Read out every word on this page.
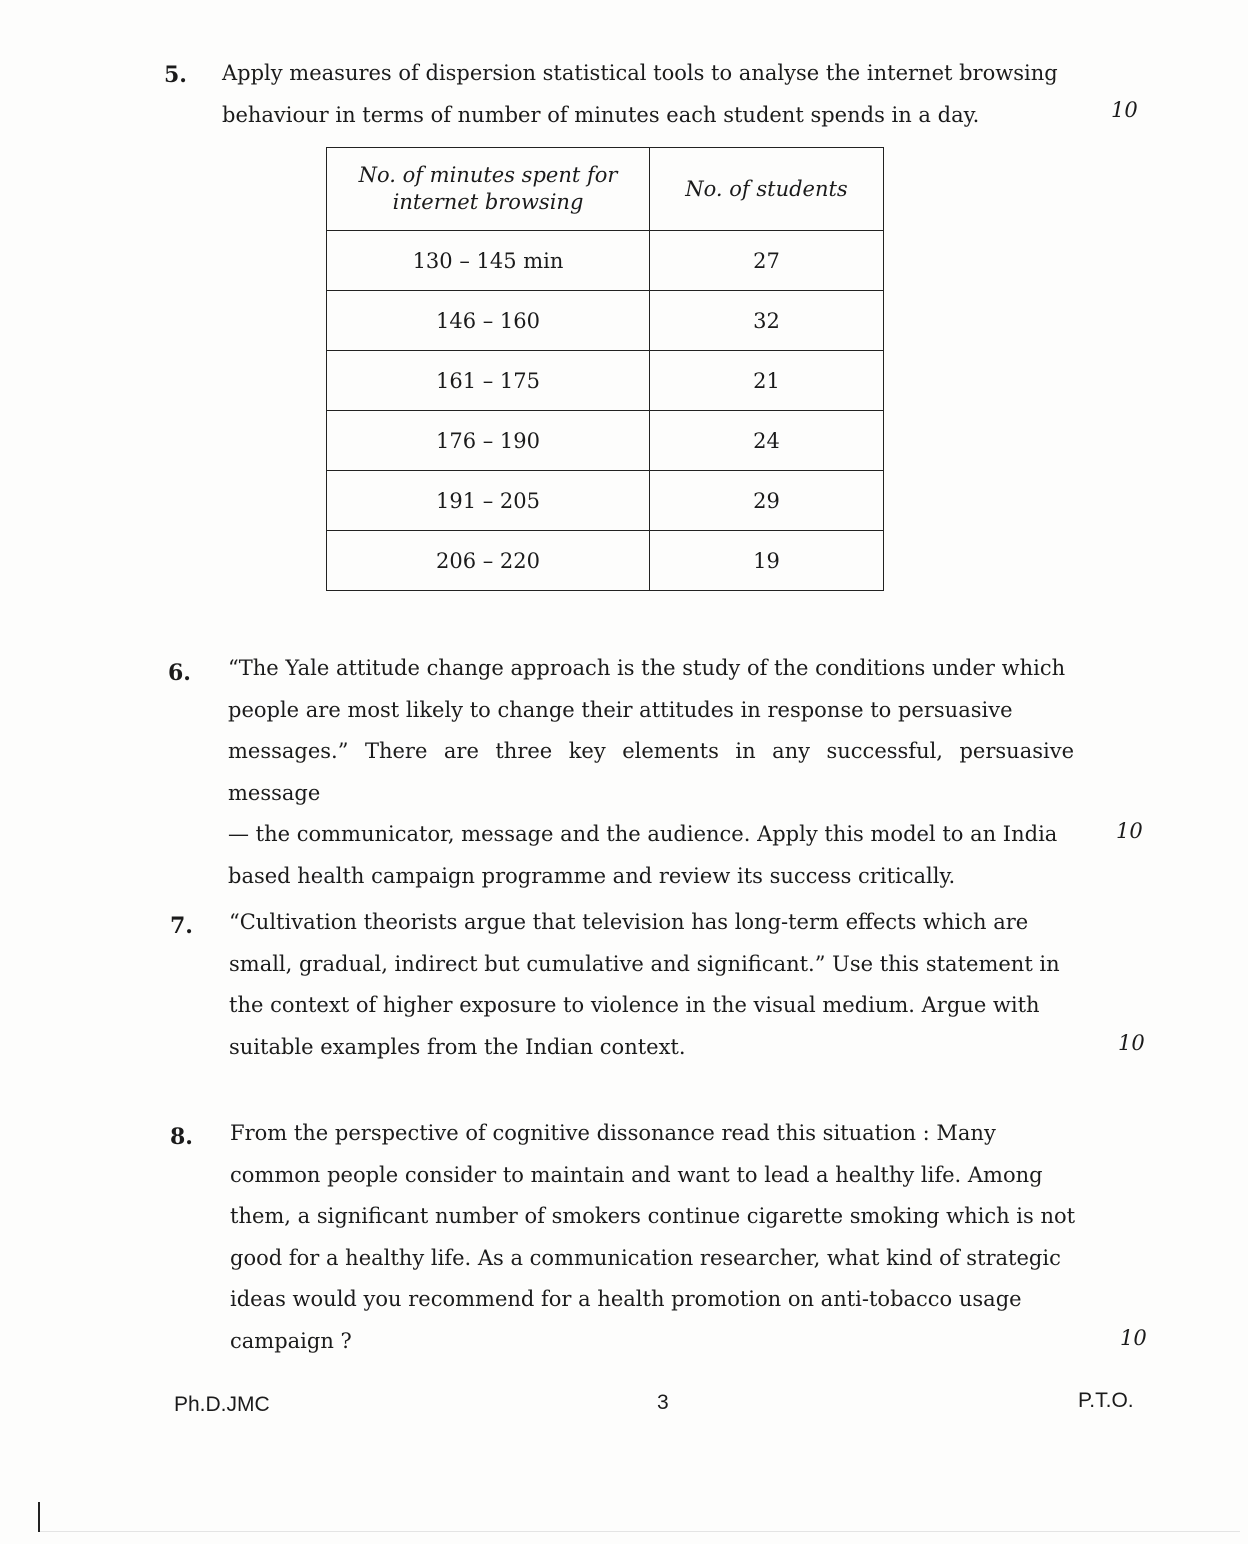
5. Apply measures of dispersion statistical tools to analyse the internet browsing

behaviour in terms of number of minutes each student spends in a day.	10
No. of minutes spent for
internet browsing	No. of students
130 – 145 min	27
146 – 160	32
161 – 175	21
176 – 190	24
191 – 205	29
206 – 220	19
6. “The Yale attitude change approach is the study of the conditions under which

people are most likely to change their attitudes in response to persuasive

messages.” There are three key elements in any successful, persuasive message

— the communicator, message and the audience. Apply this model to an India

based health campaign programme and review its success critically.

10
7. “Cultivation theorists argue that television has long-term effects which are

small, gradual, indirect but cumulative and significant.” Use this statement in

the context of higher exposure to violence in the visual medium. Argue with

suitable examples from the Indian context.	10
8. From the perspective of cognitive dissonance read this situation : Many

common people consider to maintain and want to lead a healthy life. Among

them, a significant number of smokers continue cigarette smoking which is not

good for a healthy life. As a communication researcher, what kind of strategic

ideas would you recommend for a health promotion on anti-tobacco usage

campaign ?	10
Ph.D.JMC	3	P.T.O.
